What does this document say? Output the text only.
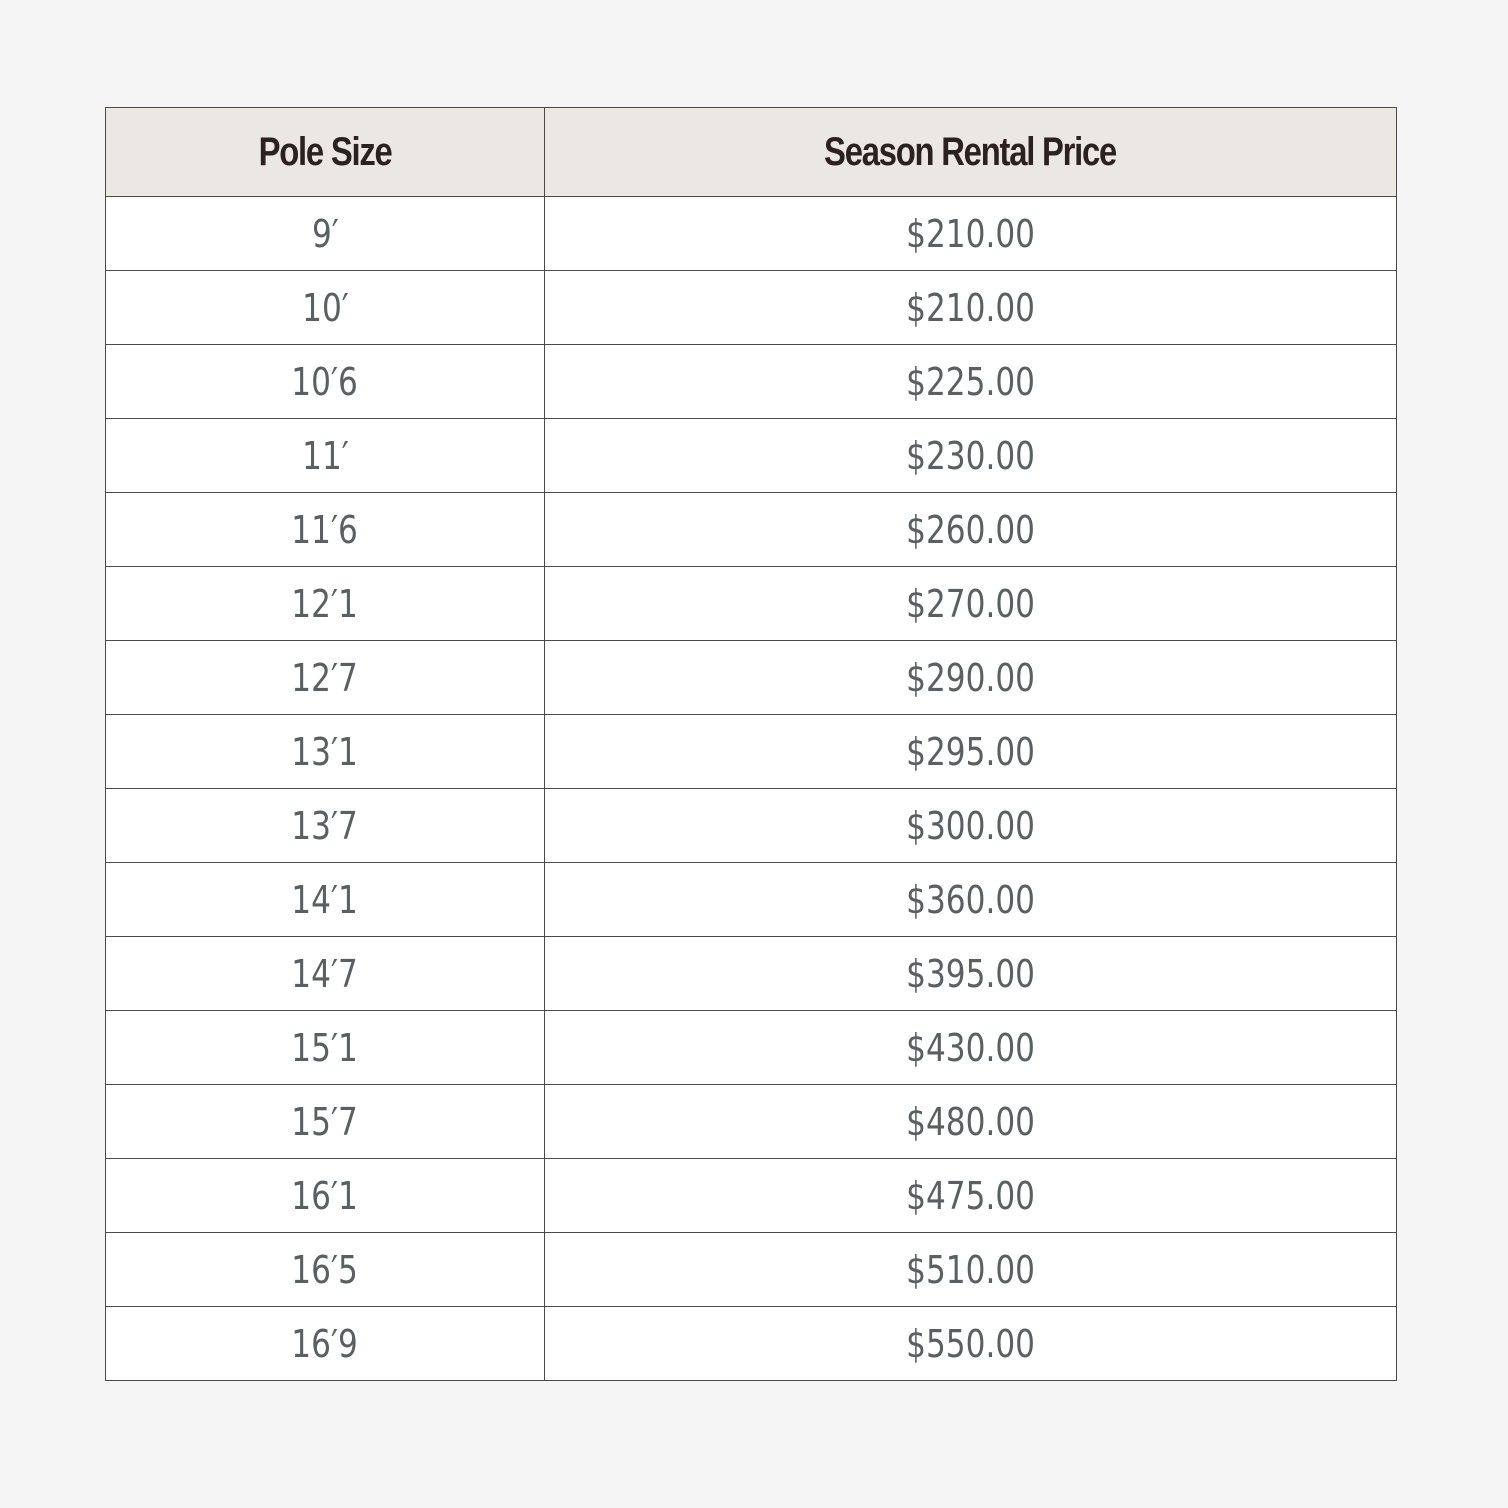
Pole Size	Season Rental Price
9′	$210.00
10′	$210.00
10′6	$225.00
11′	$230.00
11′6	$260.00
12′1	$270.00
12′7	$290.00
13′1	$295.00
13′7	$300.00
14′1	$360.00
14′7	$395.00
15′1	$430.00
15′7	$480.00
16′1	$475.00
16′5	$510.00
16′9	$550.00
